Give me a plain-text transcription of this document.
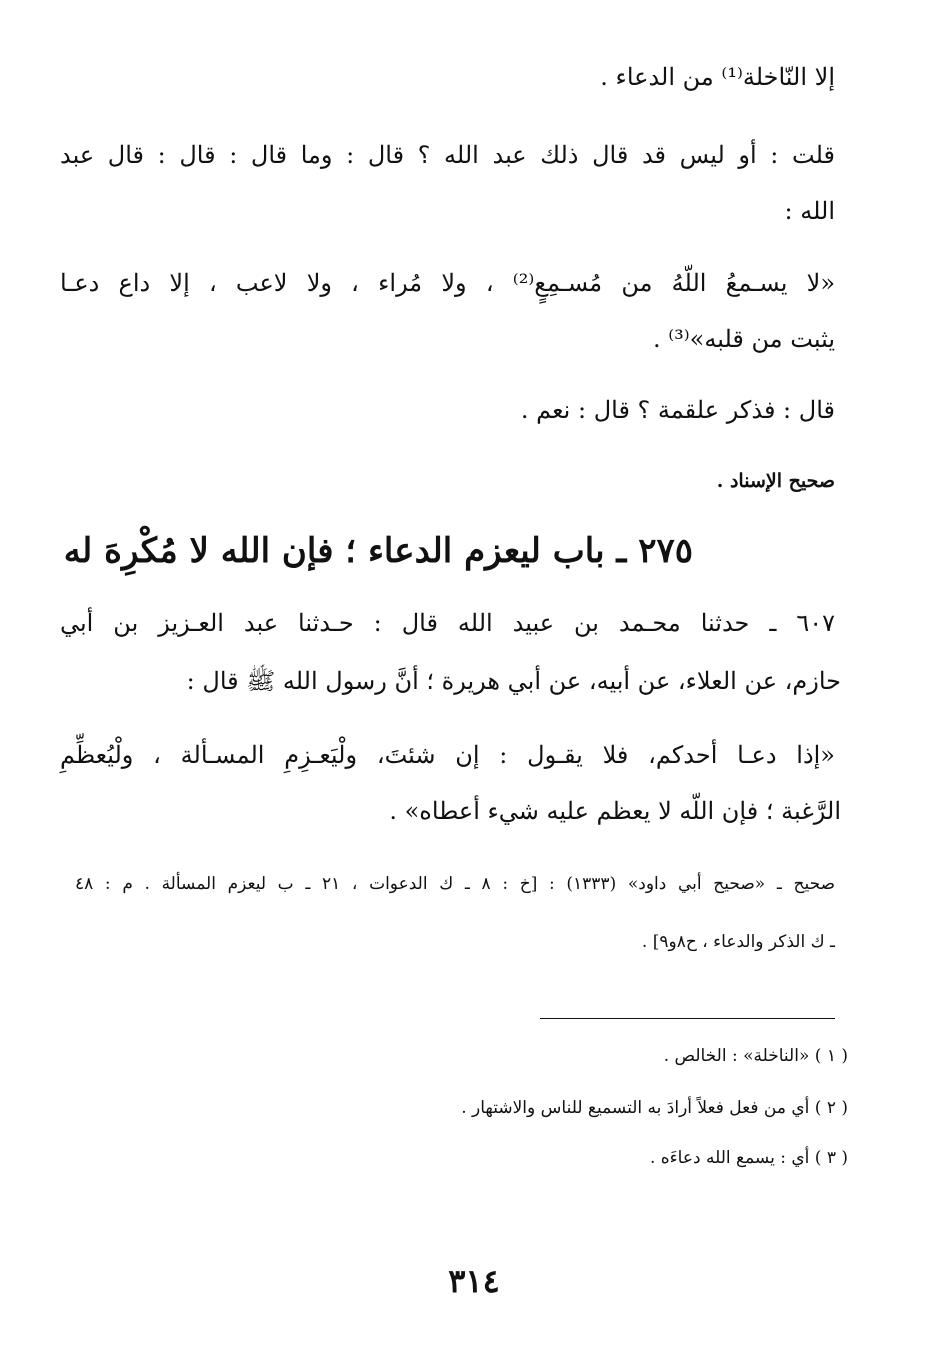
إلا النّاخلة⁽¹⁾ من الدعاء .
قلت : أو ليس قد قال ذلك عبد الله ؟ قال : وما قال : قال : قال عبد
الله :
«لا يسـمعُ اللّهُ من مُسـمِعٍ⁽²⁾ ، ولا مُراء ، ولا لاعب ، إلا داع دعـا
يثبت من قلبه»⁽³⁾ .
قال : فذكر علقمة ؟ قال : نعم .
صحيح الإسناد .
٢٧٥ ـ باب ليعزم الدعاء ؛ فإن الله لا مُكْرِهَ له
٦٠٧ ـ حدثنا محـمد بن عبيد الله قال : حـدثنا عبد العـزيز بن أبي
حازم، عن العلاء، عن أبيه، عن أبي هريرة ؛ أنَّ رسول الله ﷺ قال :
«إذا دعـا أحدكم، فلا يقـول : إن شئتَ، ولْيَعـزِمِ المسـألة ، ولْيُعظِّمِ
الرَّغبة ؛ فإن اللّه لا يعظم عليه شيء أعطاه» .
صحيح ـ «صحيح أبي داود» (١٣٣٣) : [خ : ٨ ـ ك الدعوات ، ٢١ ـ ب ليعزم المسألة . م : ٤٨
ـ ك الذكر والدعاء ، ح٨و٩] .
( ١ ) «الناخلة» : الخالص .
( ٢ ) أي من فعل فعلاً أرادَ به التسميع للناس والاشتهار .
( ٣ ) أي : يسمع الله دعاءَه .
٣١٤
